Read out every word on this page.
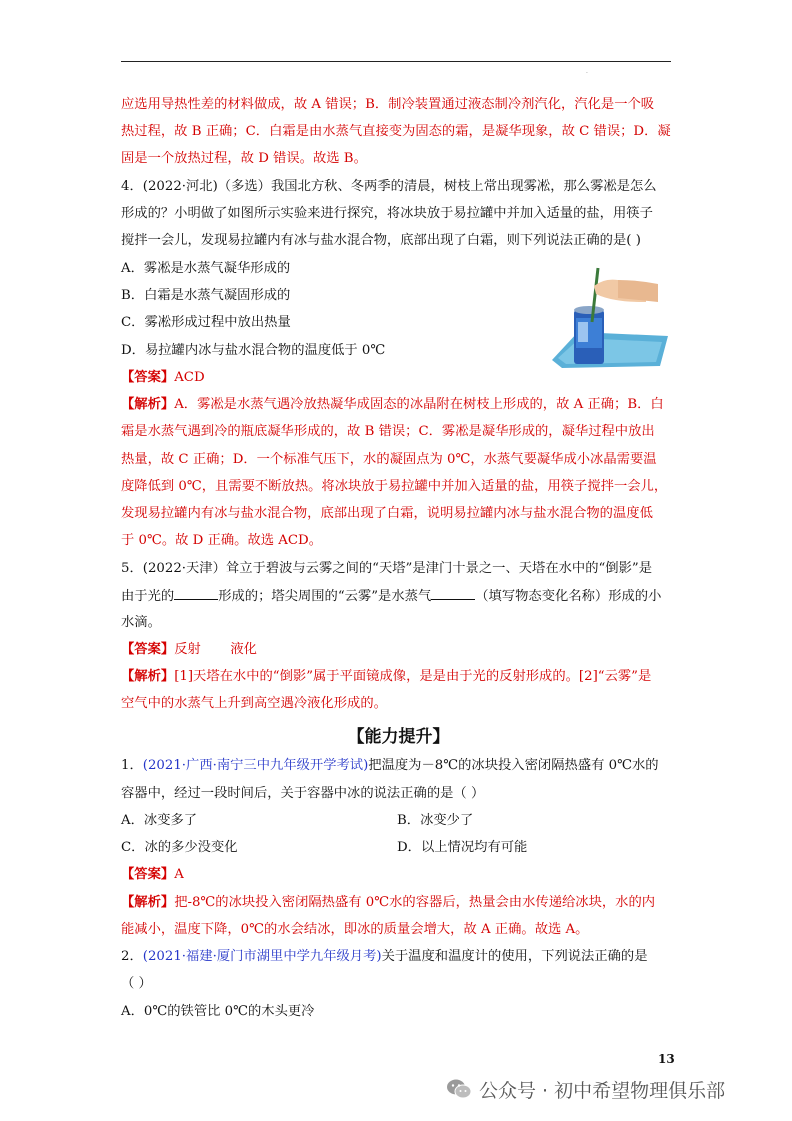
·
应选用导热性差的材料做成，故 A 错误；B．制冷装置通过液态制冷剂汽化，汽化是一个吸
热过程，故 B 正确；C．白霜是由水蒸气直接变为固态的霜，是凝华现象，故 C 错误；D．凝
固是一个放热过程，故 D 错误。故选 B。
4．(2022·河北)（多选）我国北方秋、冬两季的清晨，树枝上常出现雾凇，那么雾凇是怎么
形成的？小明做了如图所示实验来进行探究，将冰块放于易拉罐中并加入适量的盐，用筷子
搅拌一会儿，发现易拉罐内有冰与盐水混合物，底部出现了白霜，则下列说法正确的是( )
A．雾凇是水蒸气凝华形成的
B．白霜是水蒸气凝固形成的
C．雾凇形成过程中放出热量
D．易拉罐内冰与盐水混合物的温度低于 0℃
【答案】ACD
【解析】A．雾凇是水蒸气遇冷放热凝华成固态的冰晶附在树枝上形成的，故 A 正确；B．白
霜是水蒸气遇到冷的瓶底凝华形成的，故 B 错误；C．雾凇是凝华形成的，凝华过程中放出
热量，故 C 正确；D．一个标准气压下，水的凝固点为 0℃，水蒸气要凝华成小冰晶需要温
度降低到 0℃，且需要不断放热。将冰块放于易拉罐中并加入适量的盐，用筷子搅拌一会儿，
发现易拉罐内有冰与盐水混合物，底部出现了白霜，说明易拉罐内冰与盐水混合物的温度低
于 0℃。故 D 正确。故选 ACD。
5．(2022·天津）耸立于碧波与云雾之间的“天塔”是津门十景之一、天塔在水中的“倒影”是
由于光的	形成的；塔尖周围的“云雾”是水蒸气	（填写物态变化名称）形成的小
水滴。
【答案】反射       液化
【解析】[1]天塔在水中的“倒影”属于平面镜成像，是是由于光的反射形成的。[2]“云雾”是
空气中的水蒸气上升到高空遇冷液化形成的。
【能力提升】
1．(2021·广西·南宁三中九年级开学考试)把温度为－8℃的冰块投入密闭隔热盛有 0℃水的
容器中，经过一段时间后，关于容器中冰的说法正确的是（ ）
A．冰变多了	B．冰变少了
C．冰的多少没变化	D．以上情况均有可能
【答案】A
【解析】把-8℃的冰块投入密闭隔热盛有 0℃水的容器后，热量会由水传递给冰块，水的内
能减小，温度下降，0℃的水会结冰，即冰的质量会增大，故 A 正确。故选 A。
2．(2021·福建·厦门市湖里中学九年级月考)关于温度和温度计的使用，下列说法正确的是
（ ）
A．0℃的铁管比 0℃的木头更冷
13
公众号 · 初中希望物理俱乐部
